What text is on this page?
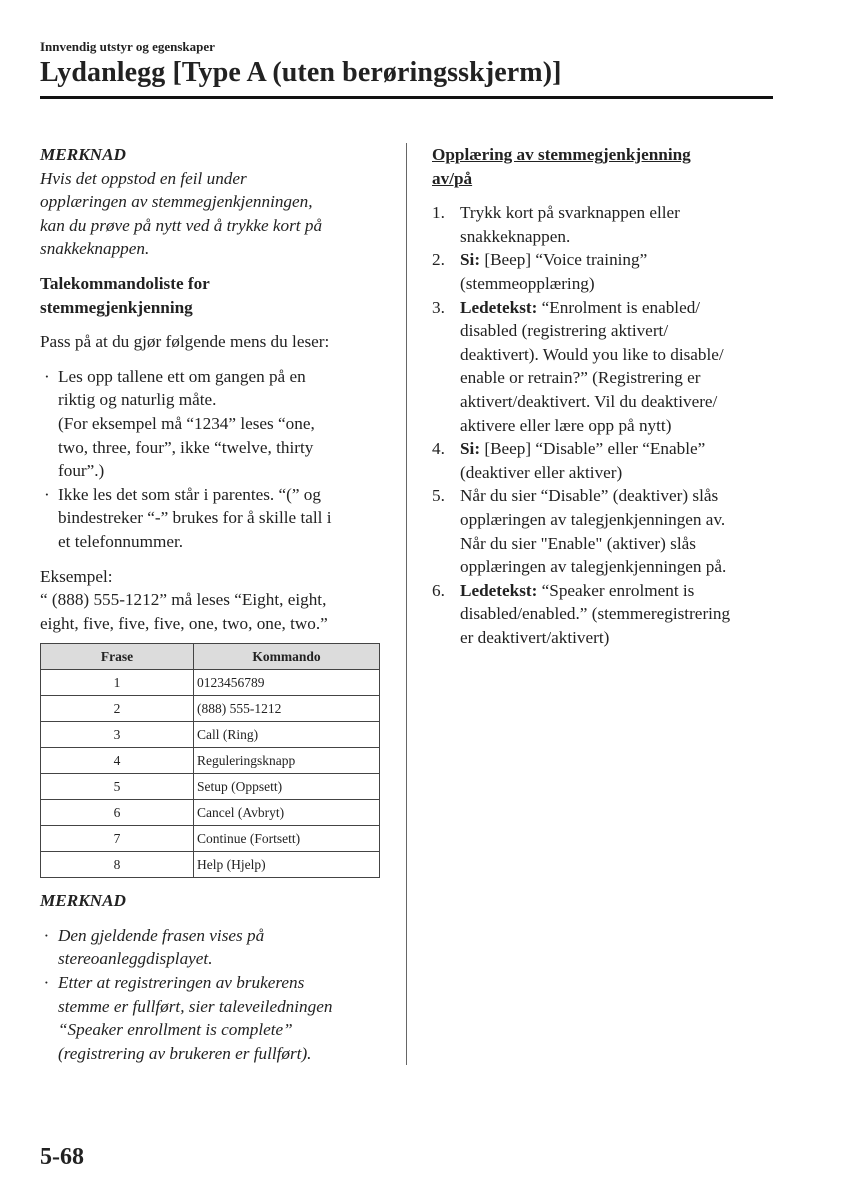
Innvendig utstyr og egenskaper
Lydanlegg [Type A (uten berøringsskjerm)]
MERKNAD
Hvis det oppstod en feil under
opplæringen av stemmegjenkjenningen,
kan du prøve på nytt ved å trykke kort på
snakkeknappen.
Talekommandoliste for
stemmegjenkjenning
Pass på at du gjør følgende mens du leser:
· Les opp tallene ett om gangen på en
riktig og naturlig måte.
(For eksempel må “1234” leses “one,
two, three, four”, ikke “twelve, thirty
four”.)
· Ikke les det som står i parentes. “(” og
bindestreker “-” brukes for å skille tall i
et telefonnummer.
Eksempel:
“ (888) 555-1212” må leses “Eight, eight,
eight, five, five, five, one, two, one, two.”
Frase	Kommando
1	0123456789
2	(888) 555-1212
3	Call (Ring)
4	Reguleringsknapp
5	Setup (Oppsett)
6	Cancel (Avbryt)
7	Continue (Fortsett)
8	Help (Hjelp)
MERKNAD
· Den gjeldende frasen vises på
stereoanleggdisplayet.
· Etter at registreringen av brukerens
stemme er fullført, sier taleveiledningen
“Speaker enrollment is complete”
(registrering av brukeren er fullført).
Opplæring av stemmegjenkjenning
av/på
1. Trykk kort på svarknappen eller
snakkeknappen.
2. Si: [Beep] “Voice training”
(stemmeopplæring)
3. Ledetekst: “Enrolment is enabled/
disabled (registrering aktivert/
deaktivert). Would you like to disable/
enable or retrain?” (Registrering er
aktivert/deaktivert. Vil du deaktivere/
aktivere eller lære opp på nytt)
4. Si: [Beep] “Disable” eller “Enable”
(deaktiver eller aktiver)
5. Når du sier “Disable” (deaktiver) slås
opplæringen av talegjenkjenningen av.
Når du sier "Enable" (aktiver) slås
opplæringen av talegjenkjenningen på.
6. Ledetekst: “Speaker enrolment is
disabled/enabled.” (stemmeregistrering
er deaktivert/aktivert)
5-68
